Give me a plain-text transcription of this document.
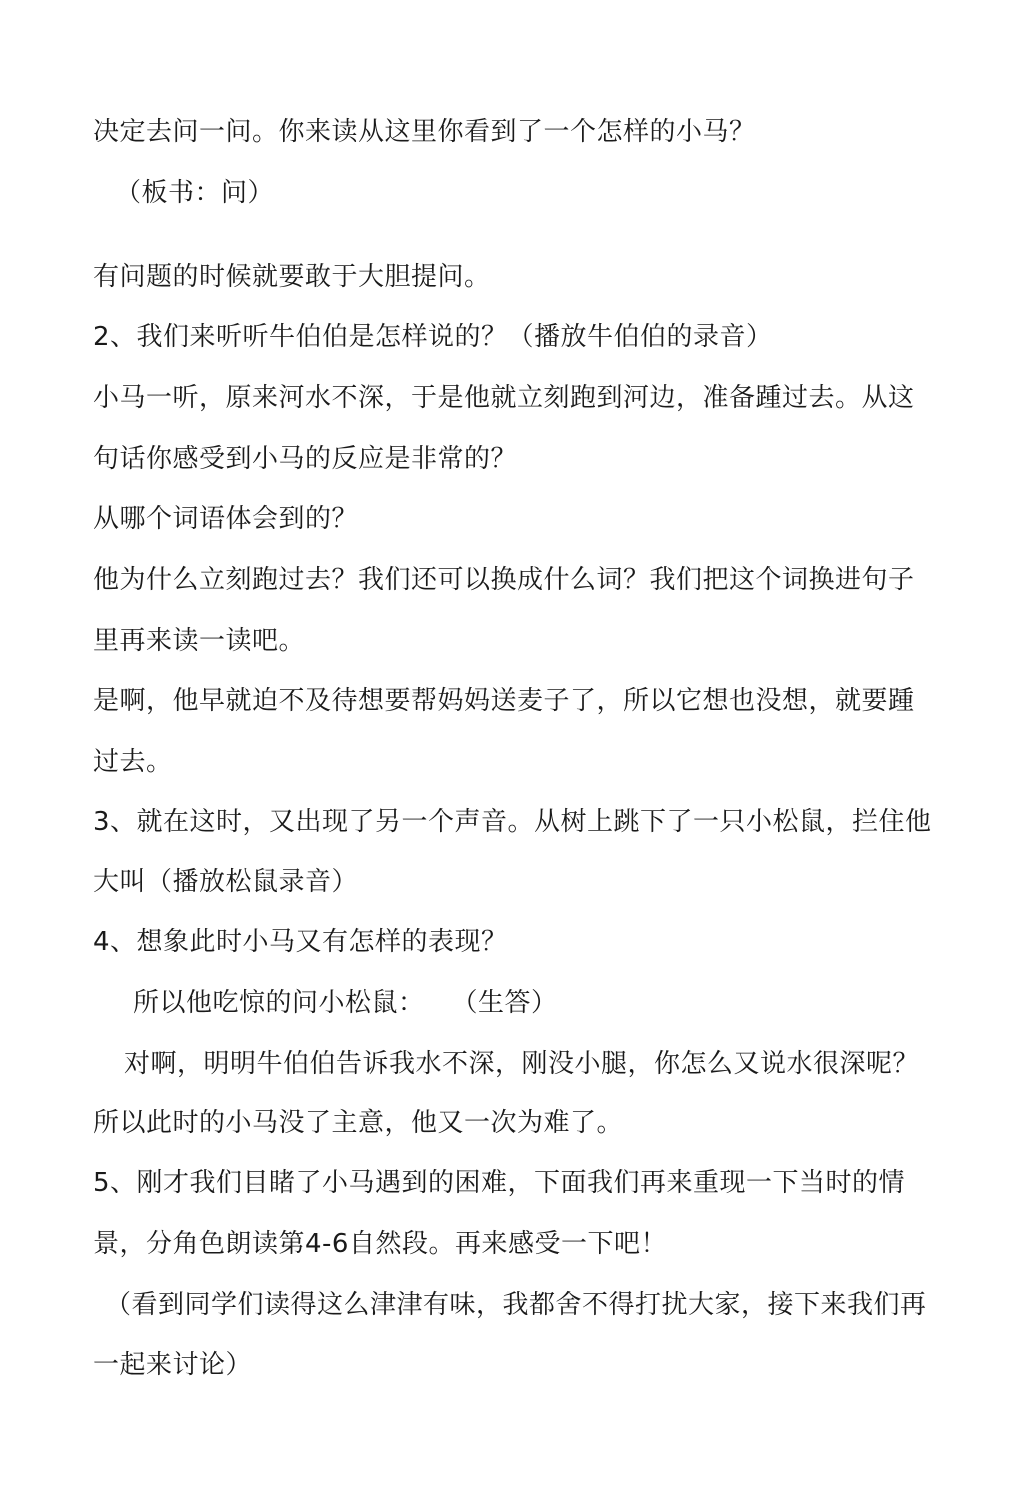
决定去问一问。你来读从这里你看到了一个怎样的小马？
（板书：问）
有问题的时候就要敢于大胆提问。
2、我们来听听牛伯伯是怎样说的？（播放牛伯伯的录音）
小马一听，原来河水不深，于是他就立刻跑到河边，准备踵过去。从这
句话你感受到小马的反应是非常的？
从哪个词语体会到的？
他为什么立刻跑过去？我们还可以换成什么词？我们把这个词换进句子
里再来读一读吧。
是啊，他早就迫不及待想要帮妈妈送麦子了，所以它想也没想，就要踵
过去。
3、就在这时，又出现了另一个声音。从树上跳下了一只小松鼠，拦住他
大叫（播放松鼠录音）
4、想象此时小马又有怎样的表现？
所以他吃惊的问小松鼠：　　（生答）
对啊，明明牛伯伯告诉我水不深，刚没小腿，你怎么又说水很深呢？
所以此时的小马没了主意，他又一次为难了。
5、刚才我们目睹了小马遇到的困难，下面我们再来重现一下当时的情
景，分角色朗读第4-6自然段。再来感受一下吧！
（看到同学们读得这么津津有味，我都舍不得打扰大家，接下来我们再
一起来讨论）
